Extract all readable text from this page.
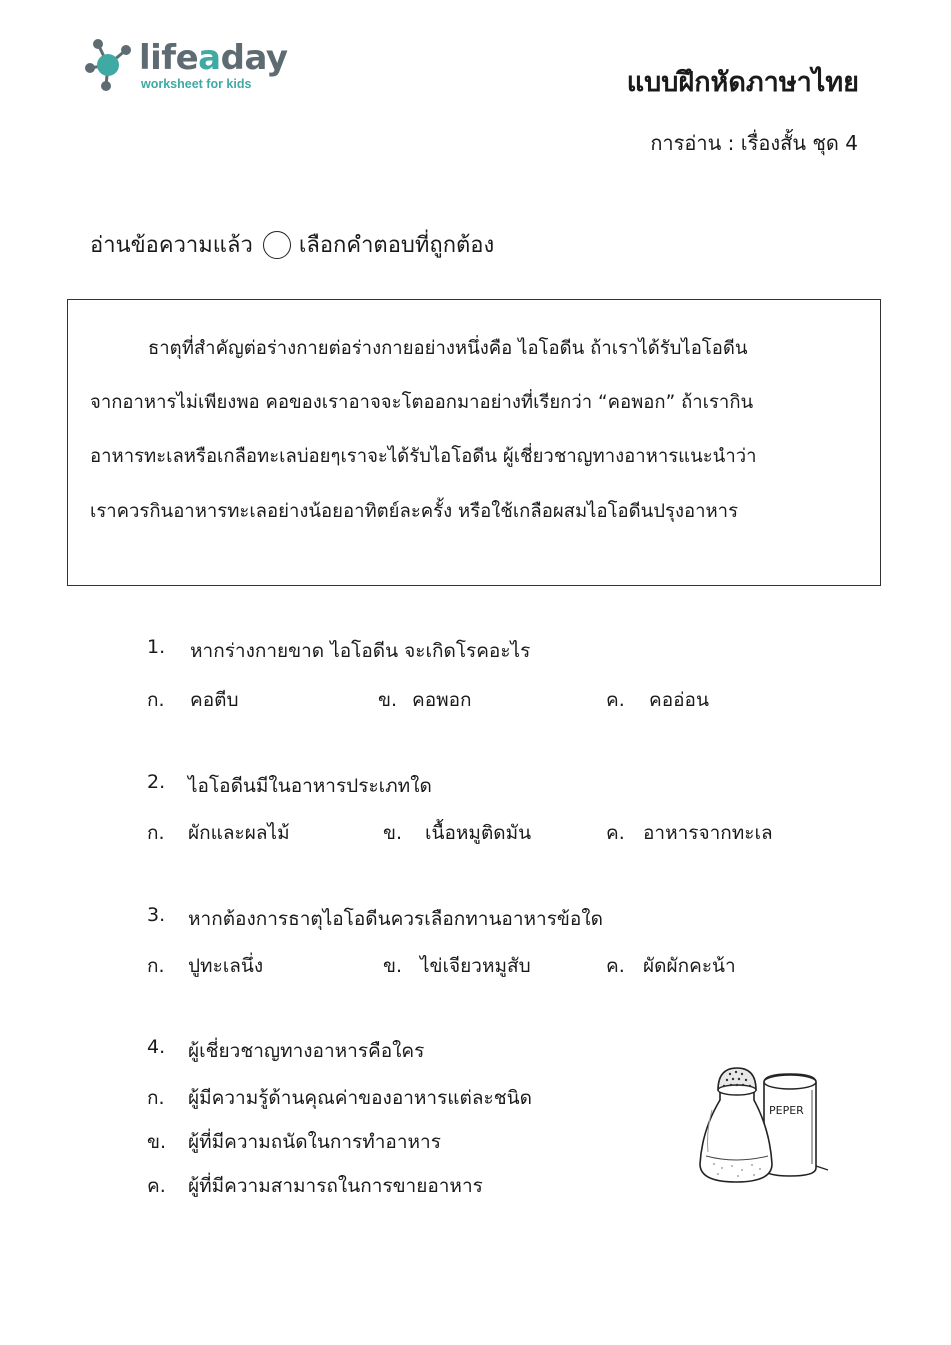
lifeaday
worksheet for kids	แบบฝึกหัดภาษาไทย
การอ่าน : เรื่องสั้น ชุด 4
อ่านข้อความแล้ว เลือกคำตอบที่ถูกต้อง
ธาตุที่สำคัญต่อร่างกายต่อร่างกายอย่างหนึ่งคือ ไอโอดีน ถ้าเราได้รับไอโอดีน
จากอาหารไม่เพียงพอ คอของเราอาจจะโตออกมาอย่างที่เรียกว่า “คอพอก” ถ้าเรากิน
อาหารทะเลหรือเกลือทะเลบ่อยๆเราจะได้รับไอโอดีน ผู้เชี่ยวชาญทางอาหารแนะนำว่า
เราควรกินอาหารทะเลอย่างน้อยอาทิตย์ละครั้ง หรือใช้เกลือผสมไอโอดีนปรุงอาหาร
1. หากร่างกายขาด ไอโอดีน จะเกิดโรคอะไร
ก. คอตีบ	ข. คอพอก	ค. คออ่อน
2. ไอโอดีนมีในอาหารประเภทใด
ก. ผักและผลไม้	ข. เนื้อหมูติดมัน	ค. อาหารจากทะเล
3. หากต้องการธาตุไอโอดีนควรเลือกทานอาหารข้อใด
ก. ปูทะเลนึ่ง	ข. ไข่เจียวหมูสับ	ค. ผัดผักคะน้า
4. ผู้เชี่ยวชาญทางอาหารคือใคร
ก. ผู้มีความรู้ด้านคุณค่าของอาหารแต่ละชนิด
ข. ผู้ที่มีความถนัดในการทำอาหาร
ค. ผู้ที่มีความสามารถในการขายอาหาร
PEPER
